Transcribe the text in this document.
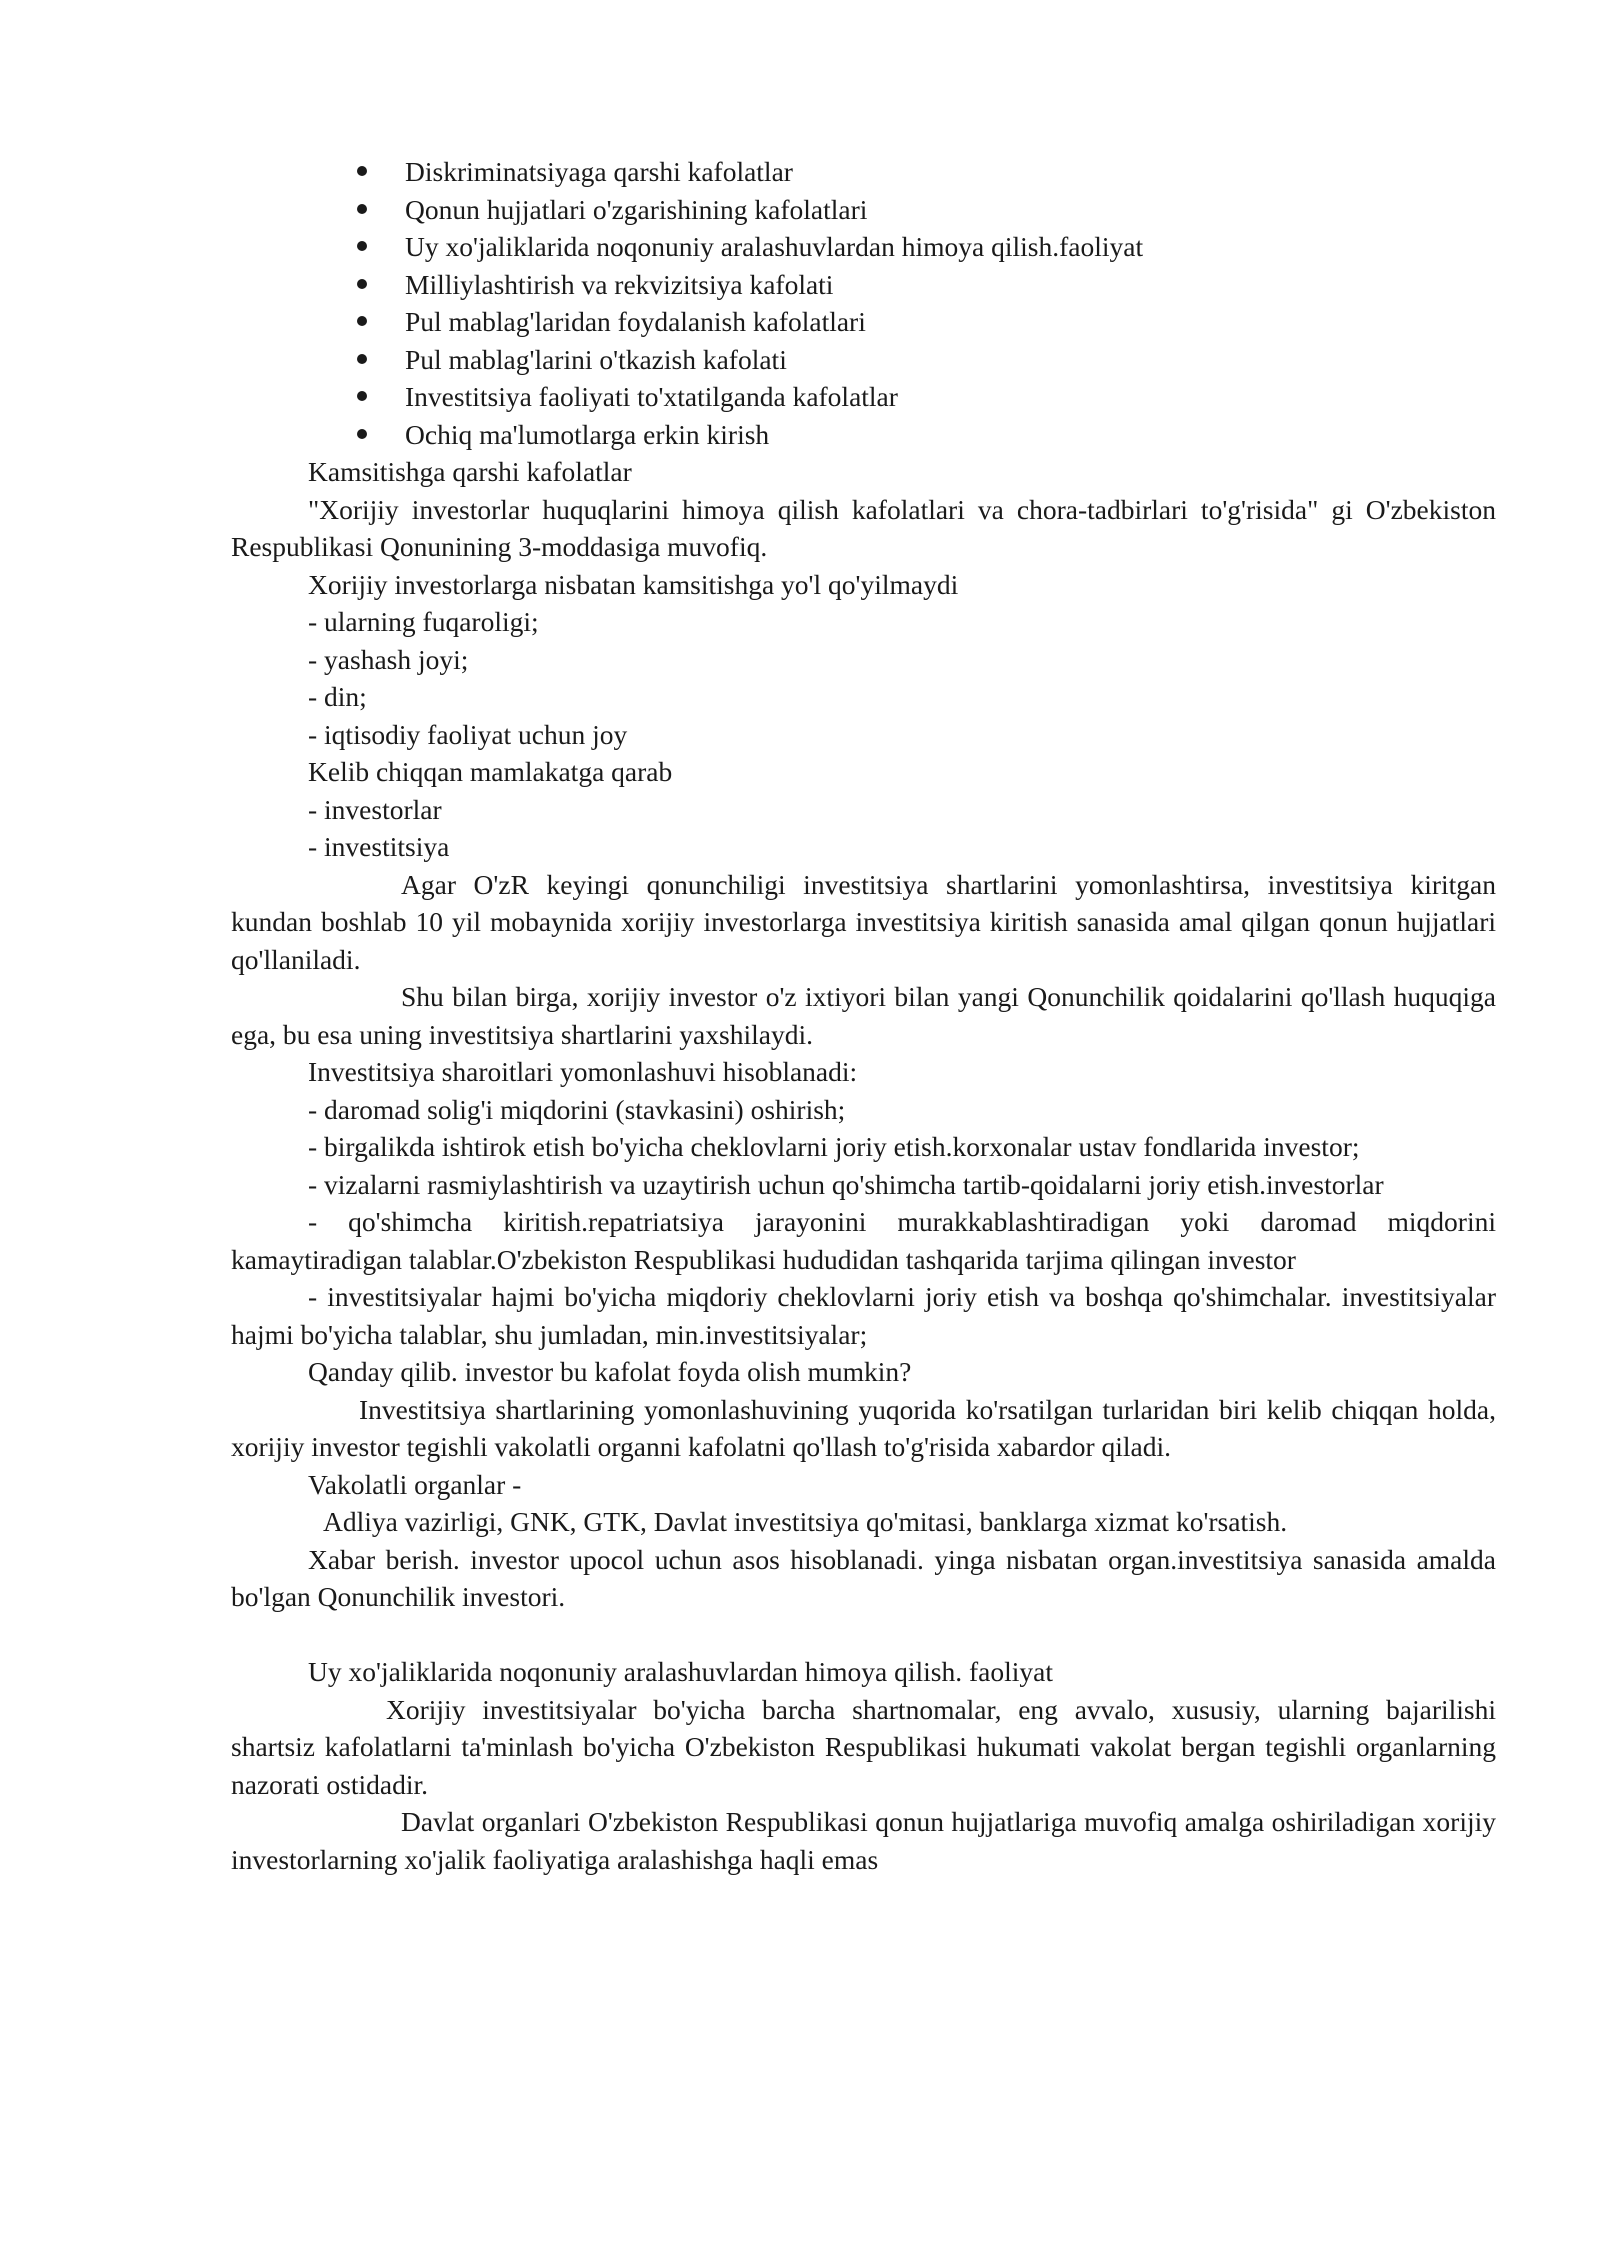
Diskriminatsiyaga qarshi kafolatlar
Qonun hujjatlari o'zgarishining kafolatlari
Uy xo'jaliklarida noqonuniy aralashuvlardan himoya qilish.faoliyat
Milliylashtirish va rekvizitsiya kafolati
Pul mablag'laridan foydalanish kafolatlari
Pul mablag'larini o'tkazish kafolati
Investitsiya faoliyati to'xtatilganda kafolatlar
Ochiq ma'lumotlarga erkin kirish

Kamsitishga qarshi kafolatlar

"Xorijiy investorlar huquqlarini himoya qilish kafolatlari va chora-tadbirlari to'g'risida" gi O'zbekiston Respublikasi Qonunining 3-moddasiga muvofiq.

Xorijiy investorlarga nisbatan kamsitishga yo'l qo'yilmaydi

- ularning fuqaroligi;

- yashash joyi;

- din;

- iqtisodiy faoliyat uchun joy

Kelib chiqqan mamlakatga qarab

- investorlar

- investitsiya

Agar O'zR keyingi qonunchiligi investitsiya shartlarini yomonlashtirsa, investitsiya kiritgan kundan boshlab 10 yil mobaynida xorijiy investorlarga investitsiya kiritish sanasida amal qilgan qonun hujjatlari qo'llaniladi.

Shu bilan birga, xorijiy investor o'z ixtiyori bilan yangi Qonunchilik qoidalarini qo'llash huquqiga ega, bu esa uning investitsiya shartlarini yaxshilaydi.

Investitsiya sharoitlari yomonlashuvi hisoblanadi:

- daromad solig'i miqdorini (stavkasini) oshirish;

- birgalikda ishtirok etish bo'yicha cheklovlarni joriy etish.korxonalar ustav fondlarida investor;

- vizalarni rasmiylashtirish va uzaytirish uchun qo'shimcha tartib-qoidalarni joriy etish.investorlar

- qo'shimcha kiritish.repatriatsiya jarayonini murakkablashtiradigan yoki daromad miqdorini kamaytiradigan talablar.O'zbekiston Respublikasi hududidan tashqarida tarjima qilingan investor

- investitsiyalar hajmi bo'yicha miqdoriy cheklovlarni joriy etish va boshqa qo'shimchalar. investitsiyalar hajmi bo'yicha talablar, shu jumladan, min.investitsiyalar;

Qanday qilib. investor bu kafolat foyda olish mumkin?

Investitsiya shartlarining yomonlashuvining yuqorida ko'rsatilgan turlaridan biri kelib chiqqan holda, xorijiy investor tegishli vakolatli organni kafolatni qo'llash to'g'risida xabardor qiladi.

Vakolatli organlar -

Adliya vazirligi, GNK, GTK, Davlat investitsiya qo'mitasi, banklarga xizmat ko'rsatish.

Xabar berish. investor upocol uchun asos hisoblanadi. yinga nisbatan organ.investitsiya sanasida amalda bo'lgan Qonunchilik investori.

Uy xo'jaliklarida noqonuniy aralashuvlardan himoya qilish. faoliyat

Xorijiy investitsiyalar bo'yicha barcha shartnomalar, eng avvalo, xususiy, ularning bajarilishi shartsiz kafolatlarni ta'minlash bo'yicha O'zbekiston Respublikasi hukumati vakolat bergan tegishli organlarning nazorati ostidadir.

Davlat organlari O'zbekiston Respublikasi qonun hujjatlariga muvofiq amalga oshiriladigan xorijiy investorlarning xo'jalik faoliyatiga aralashishga haqli emas
